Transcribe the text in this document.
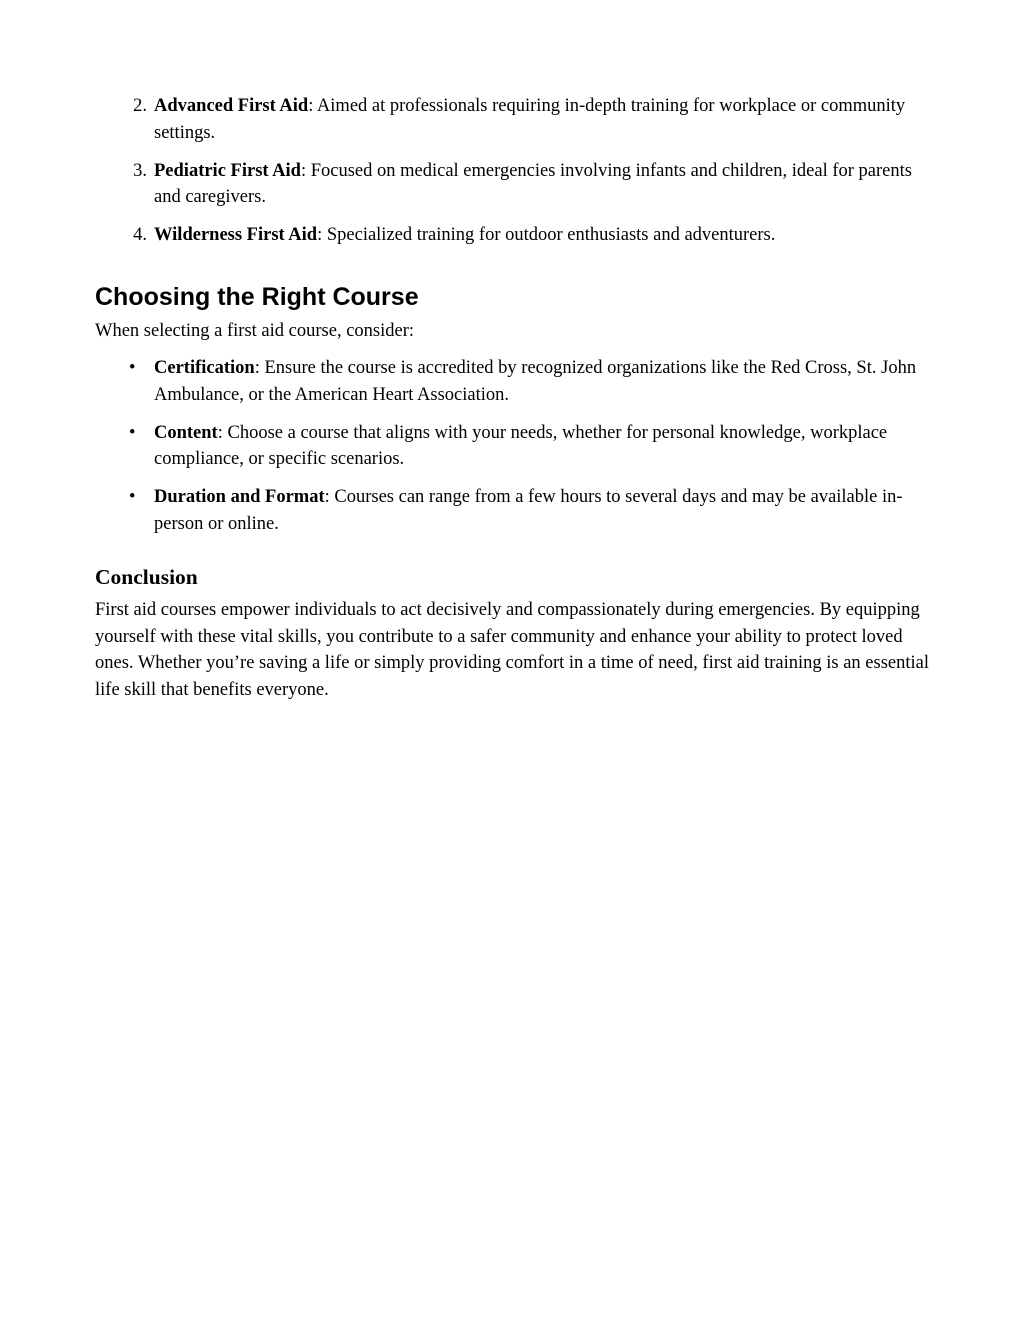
2. Advanced First Aid: Aimed at professionals requiring in-depth training for workplace or community settings.
3. Pediatric First Aid: Focused on medical emergencies involving infants and children, ideal for parents and caregivers.
4. Wilderness First Aid: Specialized training for outdoor enthusiasts and adventurers.
Choosing the Right Course

When selecting a first aid course, consider:

• Certification: Ensure the course is accredited by recognized organizations like the Red Cross, St. John Ambulance, or the American Heart Association.
• Content: Choose a course that aligns with your needs, whether for personal knowledge, workplace compliance, or specific scenarios.
• Duration and Format: Courses can range from a few hours to several days and may be available in-person or online.
Conclusion

First aid courses empower individuals to act decisively and compassionately during emergencies. By equipping yourself with these vital skills, you contribute to a safer community and enhance your ability to protect loved ones. Whether you’re saving a life or simply providing comfort in a time of need, first aid training is an essential life skill that benefits everyone.
